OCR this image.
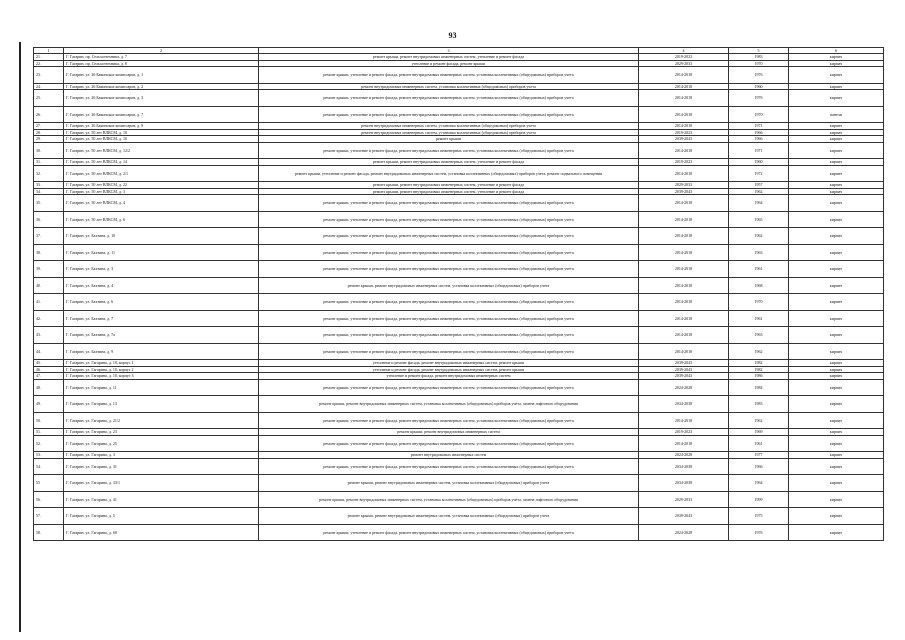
93
1	2	3	4	5	6
21.	Г. Гагарин, пр. Сельхозтехника, д. 7	ремонт крыши, ремонт внутридомовых инженерных систем, утепление и ремонт фасада	2019-2023	1983	кирпич
22.	Г. Гагарин, пр. Сельхозтехника, д. 8	утепление и ремонт фасада, ремонт крыши	2029-2033	1970	кирпич
23.	Г. Гагарин, ул. 26 Бакинских комиссаров, д. 1	ремонт крыши, утепление и ремонт фасада, ремонт внутридомовых инженерных систем, установка коллективных (общедомовых) приборов учета	2014-2018	1976	кирпич
24.	Г. Гагарин, ул. 26 Бакинских комиссаров, д. 2	ремонт внутридомовых инженерных систем, установка коллективных (общедомовых) приборов учета	2014-2018	1960	кирпич
25.	Г. Гагарин, ул. 26 Бакинских комиссаров, д. 3	ремонт крыши, утепление и ремонт фасада, ремонт внутридомовых инженерных систем, установка коллективных (общедомовых) приборов учета	2014-2018	1976	кирпич
26.	Г. Гагарин, ул. 26 Бакинских комиссаров, д. 7	ремонт крыши, утепление и ремонт фасада, ремонт внутридомовых инженерных систем, установка коллективных (общедомовых) приборов учета	2014-2018	1970	панели
27.	Г. Гагарин, ул. 26 Бакинских комиссаров, д. 9	ремонт внутридомовых инженерных систем, установка коллективных (общедомовых) приборов учета	2014-2018	1971	кирпич
28.	Г. Гагарин, ул. 50 лет ВЛКСМ, д. 10	ремонт внутридомовых инженерных систем, установка коллективных (общедомовых) приборов учета	2019-2023	1966	кирпич
29.	Г. Гагарин, ул. 50 лет ВЛКСМ, д. 10	ремонт крыши	2039-2043	1966	кирпич
30.	Г. Гагарин, ул. 50 лет ВЛКСМ, д. 12/2	ремонт крыши, утепление и ремонт фасада, ремонт внутридомовых инженерных систем, установка коллективных (общедомовых) приборов учета	2014-2018	1971	кирпич
31.	Г. Гагарин, ул. 50 лет ВЛКСМ, д. 14	ремонт крыши, ремонт внутридомовых инженерных систем, утепление и ремонт фасада	2019-2023	1960	кирпич
32.	Г. Гагарин, ул. 50 лет ВЛКСМ, д. 2/1	ремонт крыши, утепление и ремонт фасада, ремонт внутридомовых инженерных систем, установка коллективных (общедомовых) приборов учета, ремонт подвального помещения	2014-2018	1972	кирпич
33.	Г. Гагарин, ул. 50 лет ВЛКСМ, д. 22	ремонт крыши, ремонт внутридомовых инженерных систем, утепление и ремонт фасада	2029-2033	1957	кирпич
34.	Г. Гагарин, ул. 50 лет ВЛКСМ, д. 3	ремонт крыши, ремонт внутридомовых инженерных систем, утепление и ремонт фасада	2039-2043	1962	кирпич
35.	Г. Гагарин, ул. 50 лет ВЛКСМ, д. 4	ремонт крыши, утепление и ремонт фасада, ремонт внутридомовых инженерных систем, установка коллективных (общедомовых) приборов учета	2014-2018	1964	кирпич
36.	Г. Гагарин, ул. 50 лет ВЛКСМ, д. 6	ремонт крыши, утепление и ремонт фасада, ремонт внутридомовых инженерных систем, установка коллективных (общедомовых) приборов учета	2014-2018	1965	кирпич
37.	Г. Гагарин, ул. Бахтина, д. 10	ремонт крыши, утепление и ремонт фасада, ремонт внутридомовых инженерных систем, установка коллективных (общедомовых) приборов учета	2014-2018	1962	кирпич
38.	Г. Гагарин, ул. Бахтина, д. 11	ремонт крыши, утепление и ремонт фасада, ремонт внутридомовых инженерных систем, установка коллективных (общедомовых) приборов учета	2014-2018	1963	кирпич
39.	Г. Гагарин, ул. Бахтина, д. 3	ремонт крыши, утепление и ремонт фасада, ремонт внутридомовых инженерных систем, установка коллективных (общедомовых) приборов учета	2014-2018	1961	кирпич
40.	Г. Гагарин, ул. Бахтина, д. 4	ремонт крыши, ремонт внутридомовых инженерных систем, установка коллективных (общедомовых) приборов учета	2014-2018	1968	кирпич
41.	Г. Гагарин, ул. Бахтина, д. 6	ремонт крыши, утепление и ремонт фасада, ремонт внутридомовых инженерных систем, установка коллективных (общедомовых) приборов учета	2014-2018	1970	кирпич
42.	Г. Гагарин, ул. Бахтина, д. 7	ремонт крыши, утепление и ремонт фасада, ремонт внутридомовых инженерных систем, установка коллективных (общедомовых) приборов учета	2014-2018	1961	кирпич
43.	Г. Гагарин, ул. Бахтина, д. 7а	ремонт крыши, утепление и ремонт фасада, ремонт внутридомовых инженерных систем, установка коллективных (общедомовых) приборов учета	2014-2018	1963	кирпич
44.	Г. Гагарин, ул. Бахтина, д. 9	ремонт крыши, утепление и ремонт фасада, ремонт внутридомовых инженерных систем, установка коллективных (общедомовых) приборов учета	2014-2018	1962	кирпич
45.	Г. Гагарин, ул. Гагарина, д. 10, корпус 1	утепление и ремонт фасада, ремонт внутридомовых инженерных систем, ремонт крыши	2039-2043	1982	кирпич
46.	Г. Гагарин, ул. Гагарина, д. 10, корпус 2	утепление и ремонт фасада, ремонт внутридомовых инженерных систем, ремонт крыши	2039-2043	1982	кирпич
47.	Г. Гагарин, ул. Гагарина, д. 10, корпус 3	утепление и ремонт фасада, ремонт внутридомовых инженерных систем	2039-2043	1986	кирпич
48.	Г. Гагарин, ул. Гагарина, д. 11	ремонт крыши, утепление и ремонт фасада, ремонт внутридомовых инженерных систем, установка коллективных (общедомовых) приборов учета	2024-2028	1984	кирпич
49.	Г. Гагарин, ул. Гагарина, д. 13	ремонт крыши, ремонт внутридомовых инженерных систем, установка коллективных (общедомовых) приборов учета, замена лифтового оборудования	2034-2038	1983	кирпич
50.	Г. Гагарин, ул. Гагарина, д. 21/2	ремонт крыши, утепление и ремонт фасада, ремонт внутридомовых инженерных систем, установка коллективных (общедомовых) приборов учета	2014-2018	1962	кирпич
51.	Г. Гагарин, ул. Гагарина, д. 23	ремонт крыши, ремонт внутридомовых инженерных систем	2019-2023	1969	кирпич
52.	Г. Гагарин, ул. Гагарина, д. 25	ремонт крыши, утепление и ремонт фасада, ремонт внутридомовых инженерных систем, установка коллективных (общедомовых) приборов учета	2014-2018	1961	кирпич
53.	Г. Гагарин, ул. Гагарина, д. 3	ремонт внутридомовых инженерных систем	2024-2028	1977	кирпич
54.	Г. Гагарин, ул. Гагарина, д. 31	ремонт крыши, утепление и ремонт фасада, ремонт внутридомовых инженерных систем, установка коллективных (общедомовых) приборов учета	2034-2038	1966	кирпич
55	Г. Гагарин, ул. Гагарина, д. 33/1	ремонт крыши, ремонт внутридомовых инженерных систем, установка коллективных (общедомовых) приборов учета	2034-2038	1964	кирпич
56.	Г. Гагарин, ул. Гагарина, д. 41	ремонт крыши, ремонт внутридомовых инженерных систем, установка коллективных (общедомовых) приборов учета, замена лифтового оборудования	2029-2033	1999	кирпич
57.	Г. Гагарин, ул. Гагарина, д. 5	ремонт крыши, ремонт внутридомовых инженерных систем, установка коллективных (общедомовых) приборов учета	2039-2043	1975	кирпич
58.	Г. Гагарин, ул. Гагарина, д. 60	ремонт крыши, утепление и ремонт фасада, ремонт внутридомовых инженерных систем, установка коллективных (общедомовых) приборов учета	2024-2028	1976	кирпич
